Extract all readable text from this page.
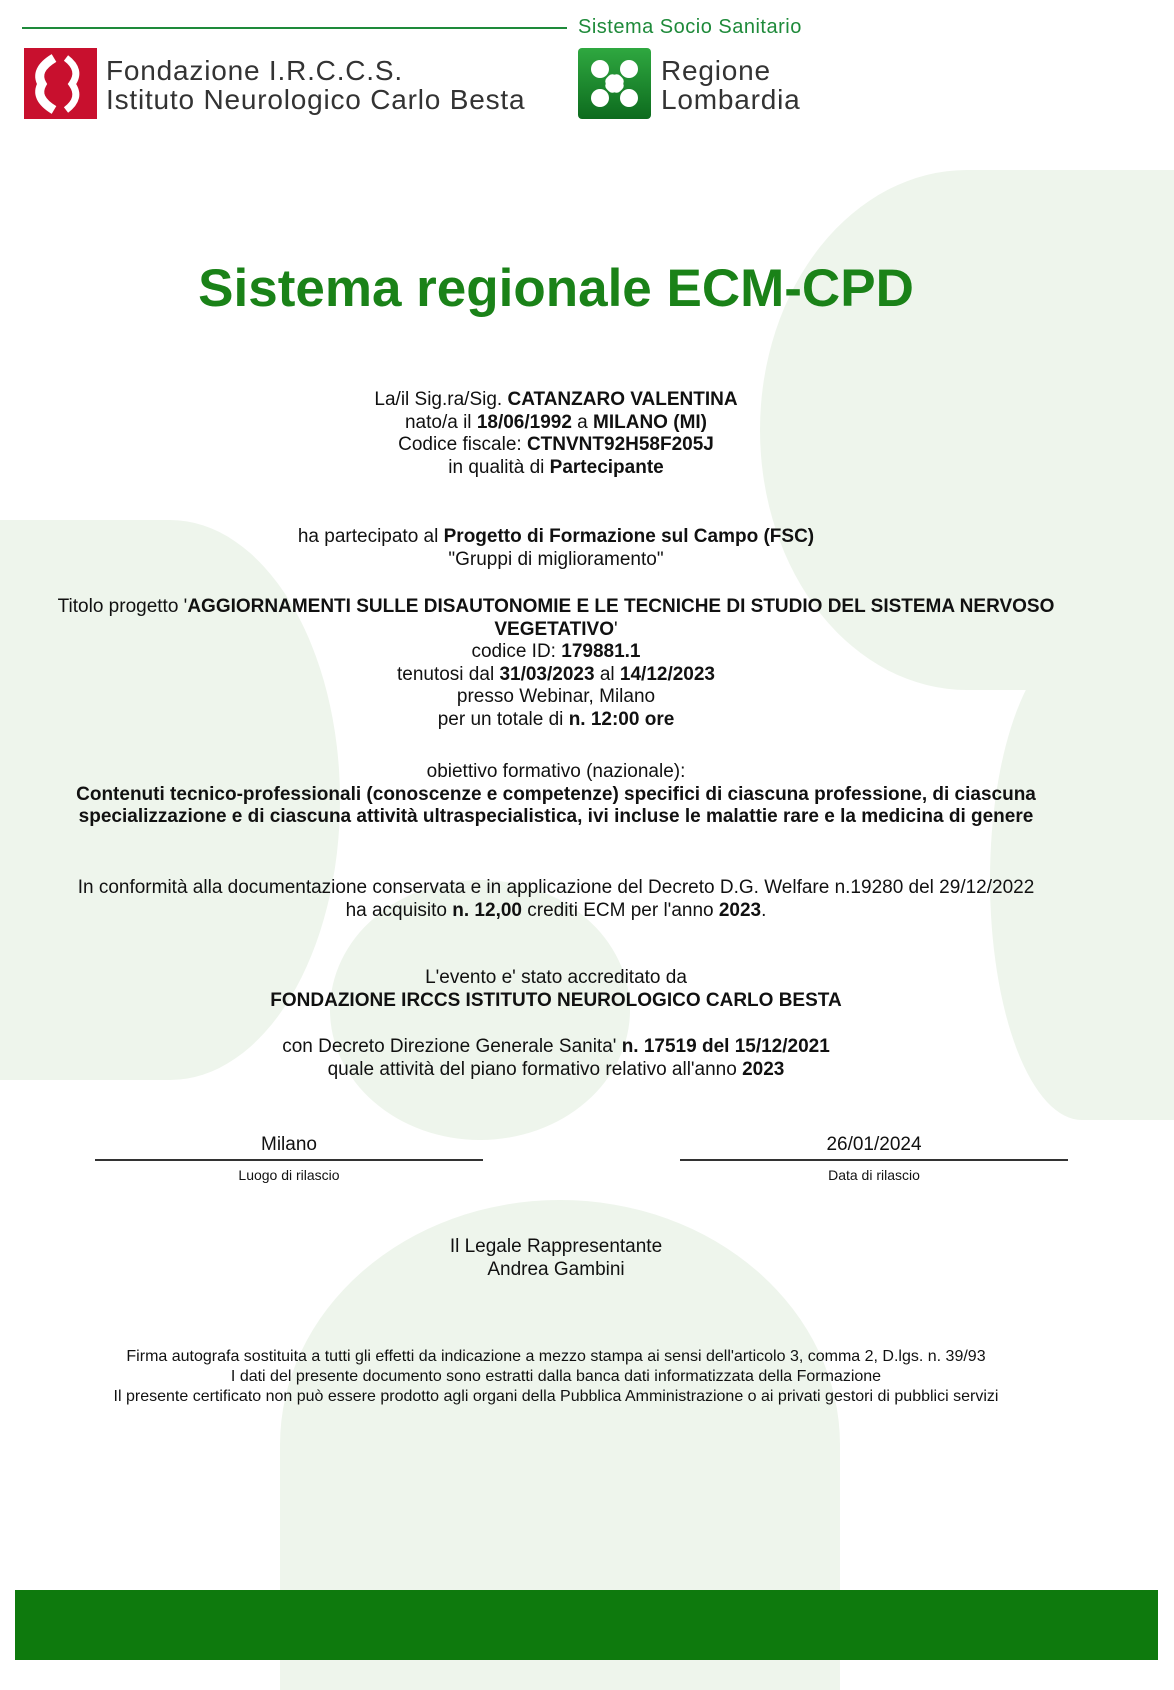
Sistema Socio Sanitario
Fondazione I.R.C.C.S.
Istituto Neurologico Carlo Besta
Regione
Lombardia
Sistema regionale ECM-CPD
La/il Sig.ra/Sig. CATANZARO VALENTINA
nato/a il 18/06/1992 a MILANO (MI)
Codice fiscale: CTNVNT92H58F205J
in qualità di Partecipante
ha partecipato al Progetto di Formazione sul Campo (FSC)
"Gruppi di miglioramento"
Titolo progetto 'AGGIORNAMENTI SULLE DISAUTONOMIE E LE TECNICHE DI STUDIO DEL SISTEMA NERVOSO
VEGETATIVO'
codice ID: 179881.1
tenutosi dal 31/03/2023 al 14/12/2023
presso Webinar, Milano
per un totale di n. 12:00 ore
obiettivo formativo (nazionale):
Contenuti tecnico-professionali (conoscenze e competenze) specifici di ciascuna professione, di ciascuna
specializzazione e di ciascuna attività ultraspecialistica, ivi incluse le malattie rare e la medicina di genere
In conformità alla documentazione conservata e in applicazione del Decreto D.G. Welfare n.19280 del 29/12/2022
ha acquisito n. 12,00 crediti ECM per l'anno 2023.
L'evento e' stato accreditato da
FONDAZIONE IRCCS ISTITUTO NEUROLOGICO CARLO BESTA
con Decreto Direzione Generale Sanita' n. 17519 del 15/12/2021
quale attività del piano formativo relativo all'anno 2023
Milano
Luogo di rilascio
26/01/2024
Data di rilascio
Il Legale Rappresentante
Andrea Gambini
Firma autografa sostituita a tutti gli effetti da indicazione a mezzo stampa ai sensi dell'articolo 3, comma 2, D.lgs. n. 39/93
I dati del presente documento sono estratti dalla banca dati informatizzata della Formazione
Il presente certificato non può essere prodotto agli organi della Pubblica Amministrazione o ai privati gestori di pubblici servizi
